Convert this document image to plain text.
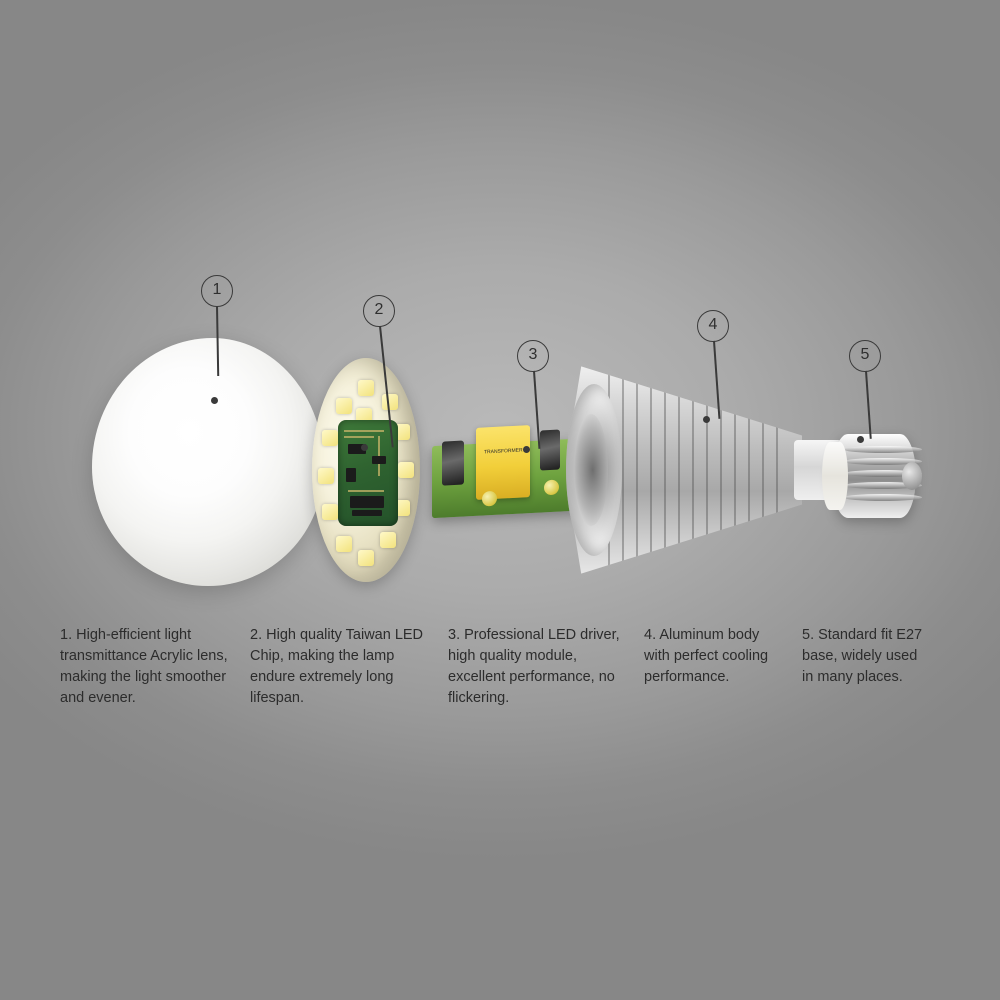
TRANSFORMER
1
2
3
4
5
1. High-efficient light transmittance Acrylic lens, making the light smoother and evener.
2. High quality Taiwan LED Chip, making the lamp endure extremely long lifespan.
3. Professional LED driver, high quality module, excellent performance, no flickering.
4. Aluminum body with perfect cooling performance.
5. Standard fit E27 base, widely used in many places.
